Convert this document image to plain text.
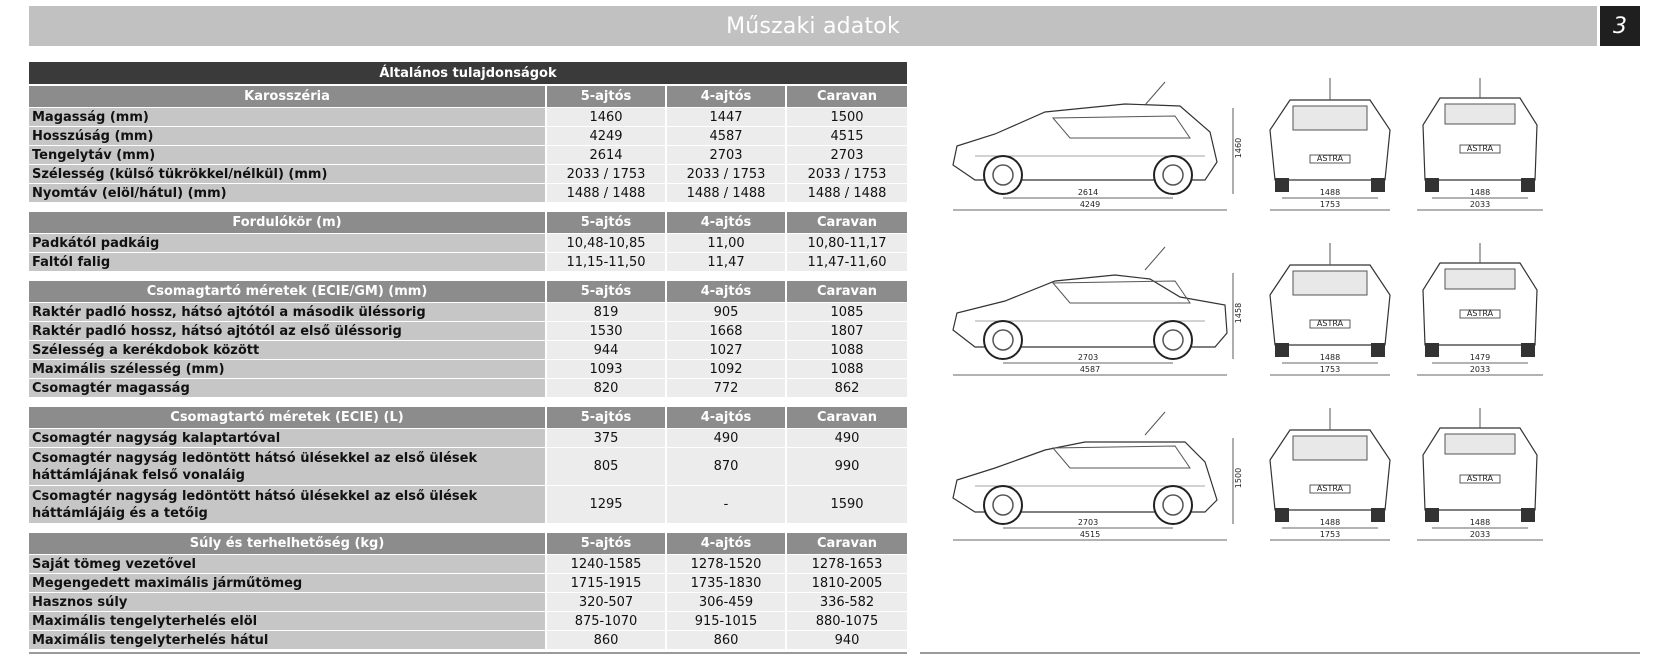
Műszaki adatok	3
Általános tulajdonságok
Karosszéria	5-ajtós	4-ajtós	Caravan
Magasság (mm)	1460	1447	1500
Hosszúság (mm)	4249	4587	4515
Tengelytáv (mm)	2614	2703	2703
Szélesség (külső tükrökkel/nélkül) (mm)	2033 / 1753	2033 / 1753	2033 / 1753
Nyomtáv (elöl/hátul) (mm)	1488 / 1488	1488 / 1488	1488 / 1488
Fordulókör (m)	5-ajtós	4-ajtós	Caravan
Padkától padkáig	10,48-10,85	11,00	10,80-11,17
Faltól falig	11,15-11,50	11,47	11,47-11,60
Csomagtartó méretek (ECIE/GM) (mm)	5-ajtós	4-ajtós	Caravan
Raktér padló hossz, hátsó ajtótól a második üléssorig	819	905	1085
Raktér padló hossz, hátsó ajtótól az első üléssorig	1530	1668	1807
Szélesség a kerékdobok között	944	1027	1088
Maximális szélesség (mm)	1093	1092	1088
Csomagtér magasság	820	772	862
Csomagtartó méretek (ECIE) (L)	5-ajtós	4-ajtós	Caravan
Csomagtér nagyság kalaptartóval	375	490	490
Csomagtér nagyság ledöntött hátsó ülésekkel az első ülések háttámlájának felső vonaláig	805	870	990
Csomagtér nagyság ledöntött hátsó ülésekkel az első ülések háttámlájáig és a tetőig	1295	-	1590
Súly és terhelhetőség (kg)	5-ajtós	4-ajtós	Caravan
Saját tömeg vezetővel	1240-1585	1278-1520	1278-1653
Megengedett maximális járműtömeg	1715-1915	1735-1830	1810-2005
Hasznos súly	320-507	306-459	336-582
Maximális tengelyterhelés elöl	875-1070	915-1015	880-1075
Maximális tengelyterhelés hátul	860	860	940
1460
2614
4249
1488
1753
ASTRA
1488
2033
ASTRA
1458
2703
4587
1488
1753
ASTRA
1479
2033
ASTRA
1500
2703
4515
1488
1753
ASTRA
1488
2033
ASTRA
